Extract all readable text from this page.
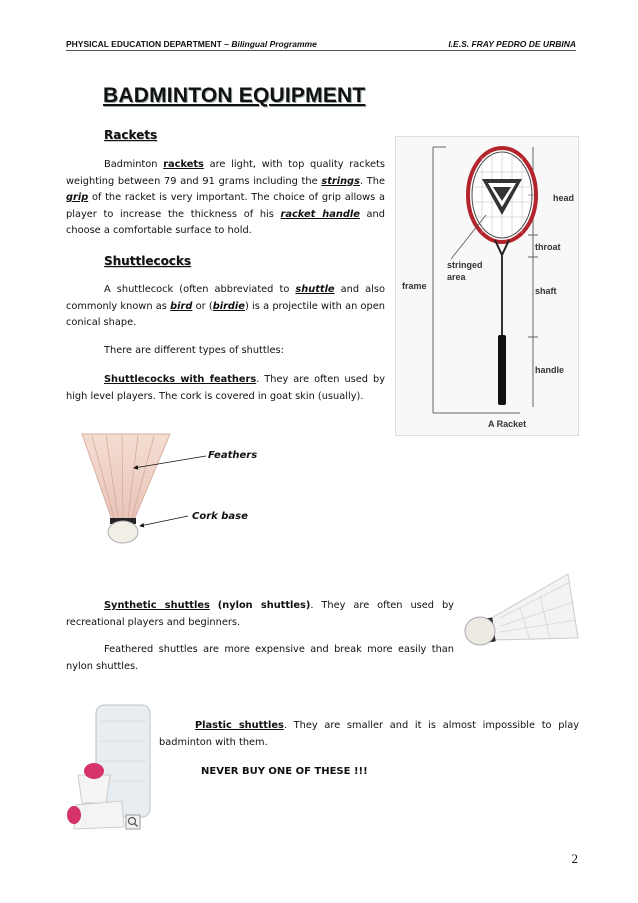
PHYSICAL EDUCATION DEPARTMENT – Bilingual Programme	I.E.S. FRAY PEDRO DE URBINA
BADMINTON EQUIPMENT
Rackets
Badminton rackets are light, with top quality rackets weighting between 79 and 91 grams including the strings. The grip of the racket is very important. The choice of grip allows a player to increase the thickness of his racket handle and choose a comfortable surface to hold.
head
throat
stringed
area
frame	shaft
handle
A Racket
Shuttlecocks
A shuttlecock (often abbreviated to shuttle and also commonly known as bird or (birdie) is a projectile with an open conical shape.
There are different types of shuttles:
Shuttlecocks with feathers. They are often used by high level players. The cork is covered in goat skin (usually).
Feathers
Cork base
Synthetic shuttles (nylon shuttles). They are often used by recreational players and beginners.
Feathered shuttles are more expensive and break more easily than nylon shuttles.
Plastic shuttles. They are smaller and it is almost impossible to play badminton with them.
NEVER BUY ONE OF THESE !!!
2
